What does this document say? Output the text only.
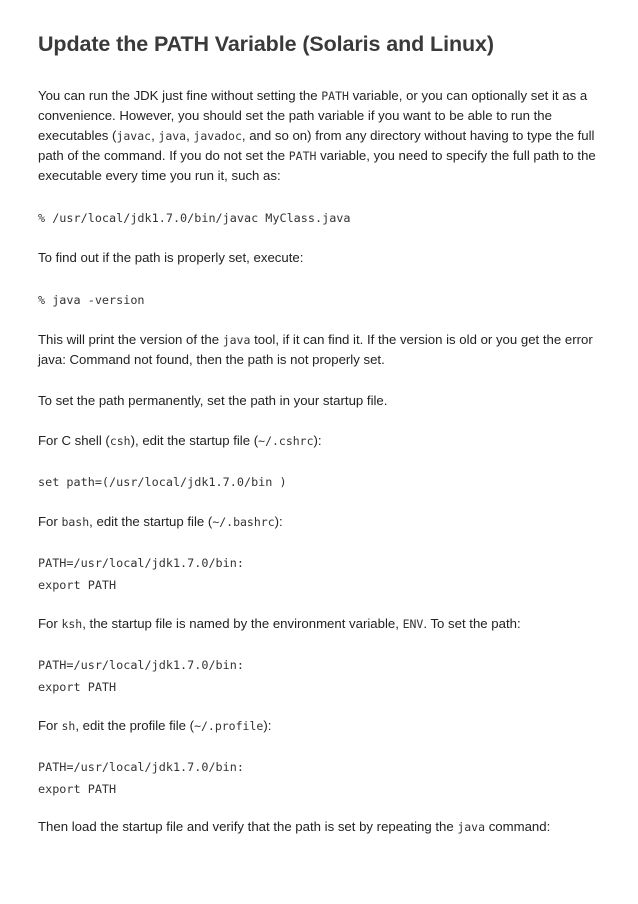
Update the PATH Variable (Solaris and Linux)

You can run the JDK just fine without setting the PATH variable, or you can optionally set it as a convenience. However, you should set the path variable if you want to be able to run the executables (javac, java, javadoc, and so on) from any directory without having to type the full path of the command. If you do not set the PATH variable, you need to specify the full path to the executable every time you run it, such as:

% /usr/local/jdk1.7.0/bin/javac MyClass.java

To find out if the path is properly set, execute:

% java -version

This will print the version of the java tool, if it can find it. If the version is old or you get the error java: Command not found, then the path is not properly set.

To set the path permanently, set the path in your startup file.

For C shell (csh), edit the startup file (~/.cshrc):

set path=(/usr/local/jdk1.7.0/bin )

For bash, edit the startup file (~/.bashrc):

PATH=/usr/local/jdk1.7.0/bin:
export PATH

For ksh, the startup file is named by the environment variable, ENV. To set the path:

PATH=/usr/local/jdk1.7.0/bin:
export PATH

For sh, edit the profile file (~/.profile):

PATH=/usr/local/jdk1.7.0/bin:
export PATH

Then load the startup file and verify that the path is set by repeating the java command:
